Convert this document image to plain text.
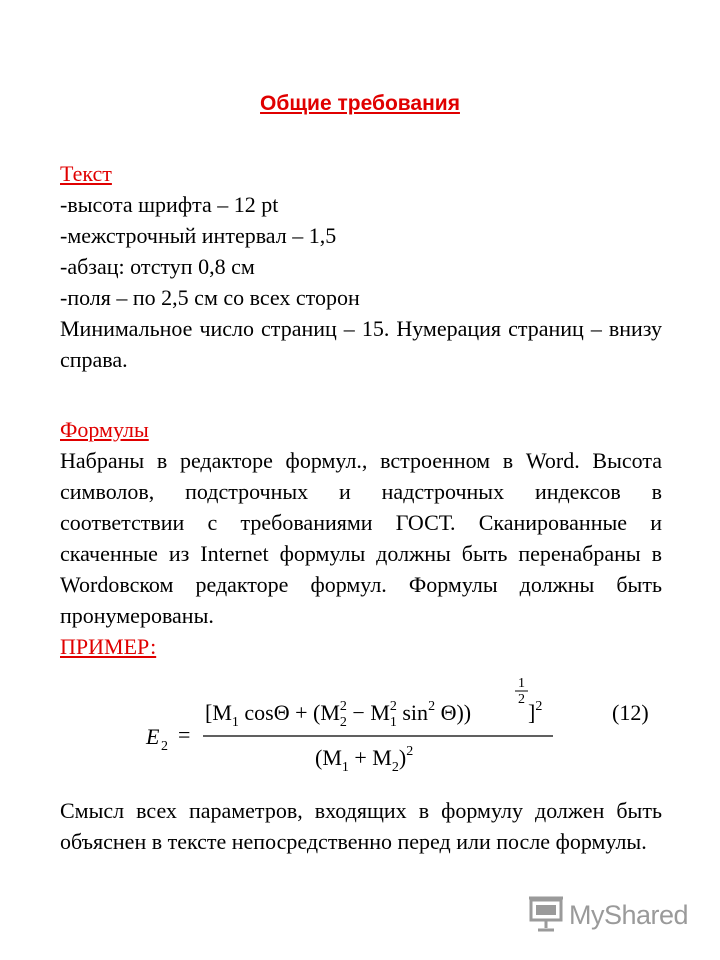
Общие требования
Текст
-высота шрифта – 12 pt
-межстрочный интервал – 1,5
-абзац: отступ 0,8 см
-поля – по 2,5 см со всех сторон
Минимальное число страниц – 15. Нумерация страниц – внизу справа.
Формулы
Набраны в редакторе формул., встроенном в Word. Высота символов, подстрочных и надстрочных индексов в соответствии с требованиями ГОСТ. Сканированные и скаченные из Internet формулы должны быть перенабраны в Wordовском редакторе формул. Формулы должны быть пронумерованы.
ПРИМЕР:
E 2 =
[$M_1$ $\cos\Theta + (M_22 - M_12$ $\sin^2 \Theta$))
1
2
]$^2$
$(M_1 + M_2)^2$
(12)
Смысл всех параметров, входящих в формулу должен быть объяснен в тексте непосредственно перед или после формулы.
MyShared
